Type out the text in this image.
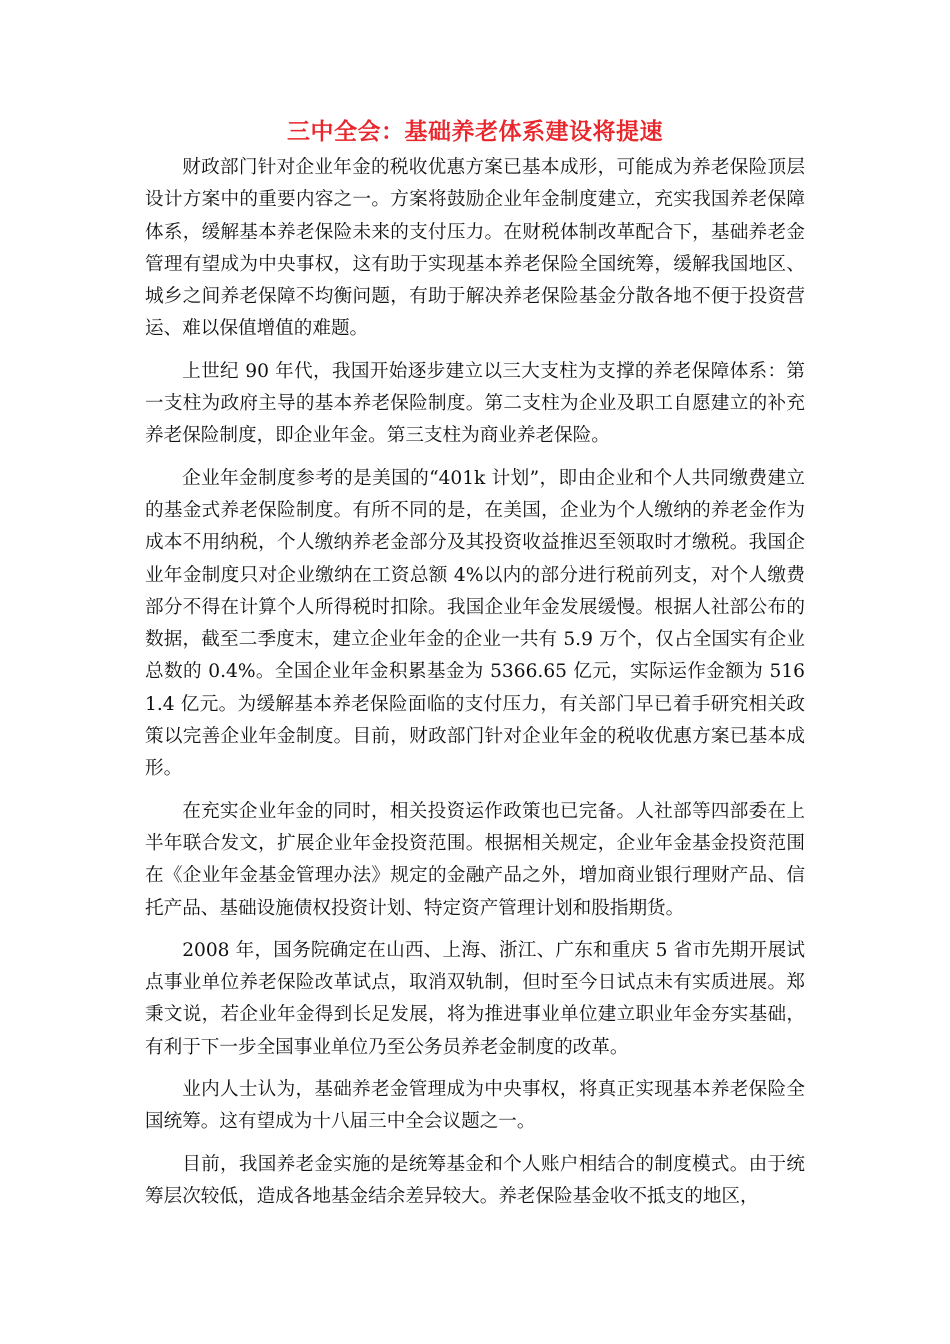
三中全会：基础养老体系建设将提速

财政部门针对企业年金的税收优惠方案已基本成形，可能成为养老保险顶层设计方案中的重要内容之一。方案将鼓励企业年金制度建立，充实我国养老保障体系，缓解基本养老保险未来的支付压力。在财税体制改革配合下，基础养老金管理有望成为中央事权，这有助于实现基本养老保险全国统筹，缓解我国地区、城乡之间养老保障不均衡问题，有助于解决养老保险基金分散各地不便于投资营运、难以保值增值的难题。

上世纪 90 年代，我国开始逐步建立以三大支柱为支撑的养老保障体系：第一支柱为政府主导的基本养老保险制度。第二支柱为企业及职工自愿建立的补充养老保险制度，即企业年金。第三支柱为商业养老保险。

企业年金制度参考的是美国的“401k 计划”，即由企业和个人共同缴费建立的基金式养老保险制度。有所不同的是，在美国，企业为个人缴纳的养老金作为成本不用纳税，个人缴纳养老金部分及其投资收益推迟至领取时才缴税。我国企业年金制度只对企业缴纳在工资总额 4%以内的部分进行税前列支，对个人缴费部分不得在计算个人所得税时扣除。我国企业年金发展缓慢。根据人社部公布的数据，截至二季度末，建立企业年金的企业一共有 5.9 万个，仅占全国实有企业总数的 0.4%。全国企业年金积累基金为 5366.65 亿元，实际运作金额为 5161.4 亿元。为缓解基本养老保险面临的支付压力，有关部门早已着手研究相关政策以完善企业年金制度。目前，财政部门针对企业年金的税收优惠方案已基本成形。

在充实企业年金的同时，相关投资运作政策也已完备。人社部等四部委在上半年联合发文，扩展企业年金投资范围。根据相关规定，企业年金基金投资范围在《企业年金基金管理办法》规定的金融产品之外，增加商业银行理财产品、信托产品、基础设施债权投资计划、特定资产管理计划和股指期货。

2008 年，国务院确定在山西、上海、浙江、广东和重庆 5 省市先期开展试点事业单位养老保险改革试点，取消双轨制，但时至今日试点未有实质进展。郑秉文说，若企业年金得到长足发展，将为推进事业单位建立职业年金夯实基础，有利于下一步全国事业单位乃至公务员养老金制度的改革。

业内人士认为，基础养老金管理成为中央事权，将真正实现基本养老保险全国统筹。这有望成为十八届三中全会议题之一。

目前，我国养老金实施的是统筹基金和个人账户相结合的制度模式。由于统筹层次较低，造成各地基金结余差异较大。养老保险基金收不抵支的地区，
